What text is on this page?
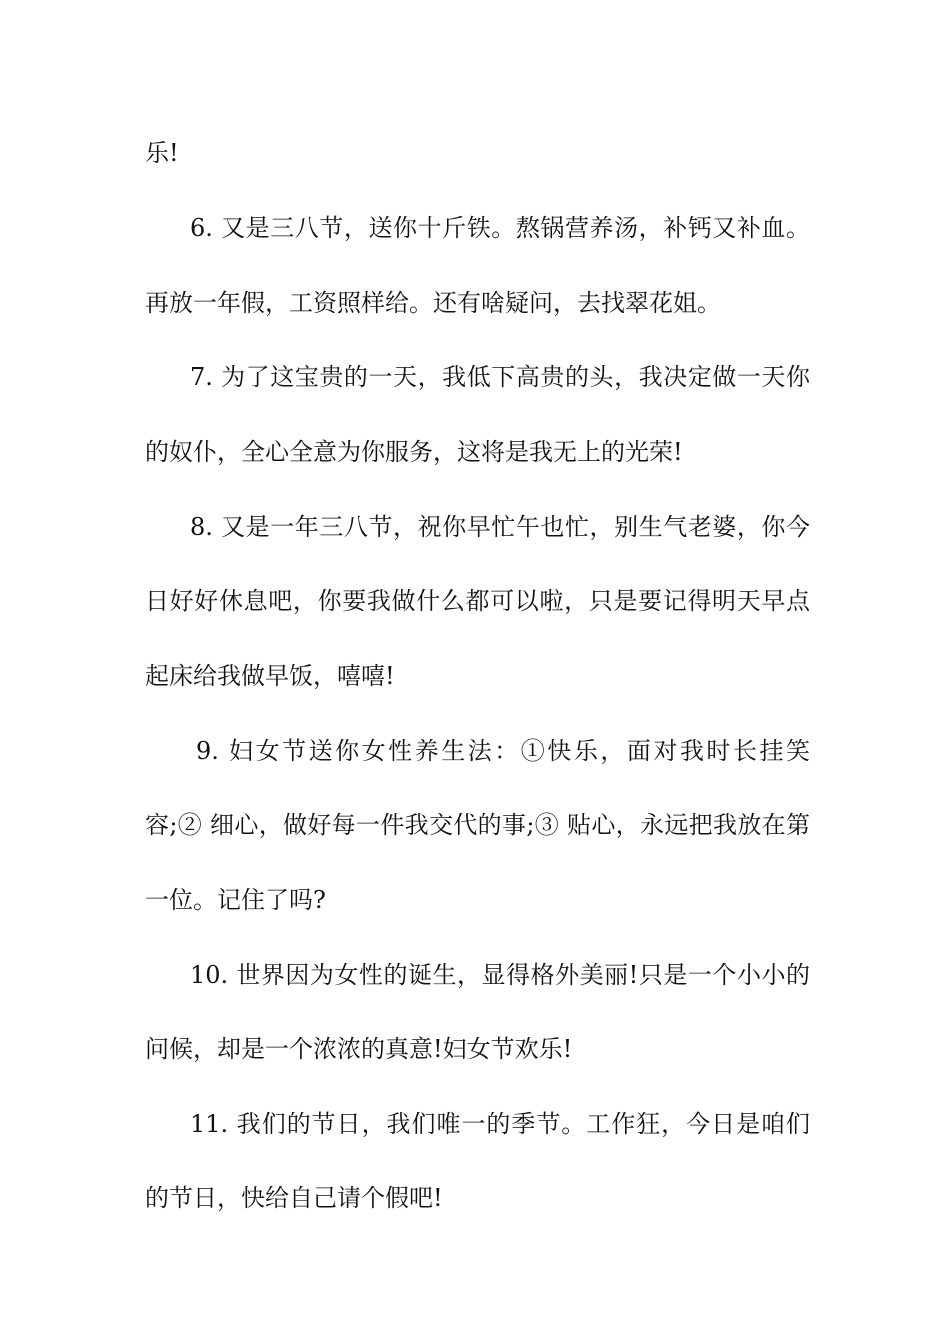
乐!
6. 又是三八节，送你十斤铁。熬锅营养汤，补钙又补血。
再放一年假，工资照样给。还有啥疑问，去找翠花姐。
7. 为了这宝贵的一天，我低下高贵的头，我决定做一天你
的奴仆，全心全意为你服务，这将是我无上的光荣!
8. 又是一年三八节，祝你早忙午也忙，别生气老婆，你今
日好好休息吧，你要我做什么都可以啦，只是要记得明天早点
起床给我做早饭，嘻嘻!
9. 妇女节送你女性养生法：①快乐，面对我时长挂笑
容;② 细心，做好每一件我交代的事;③ 贴心，永远把我放在第
一位。记住了吗?
10. 世界因为女性的诞生，显得格外美丽!只是一个小小的
问候，却是一个浓浓的真意!妇女节欢乐!
11. 我们的节日，我们唯一的季节。工作狂，今日是咱们
的节日，快给自己请个假吧!
